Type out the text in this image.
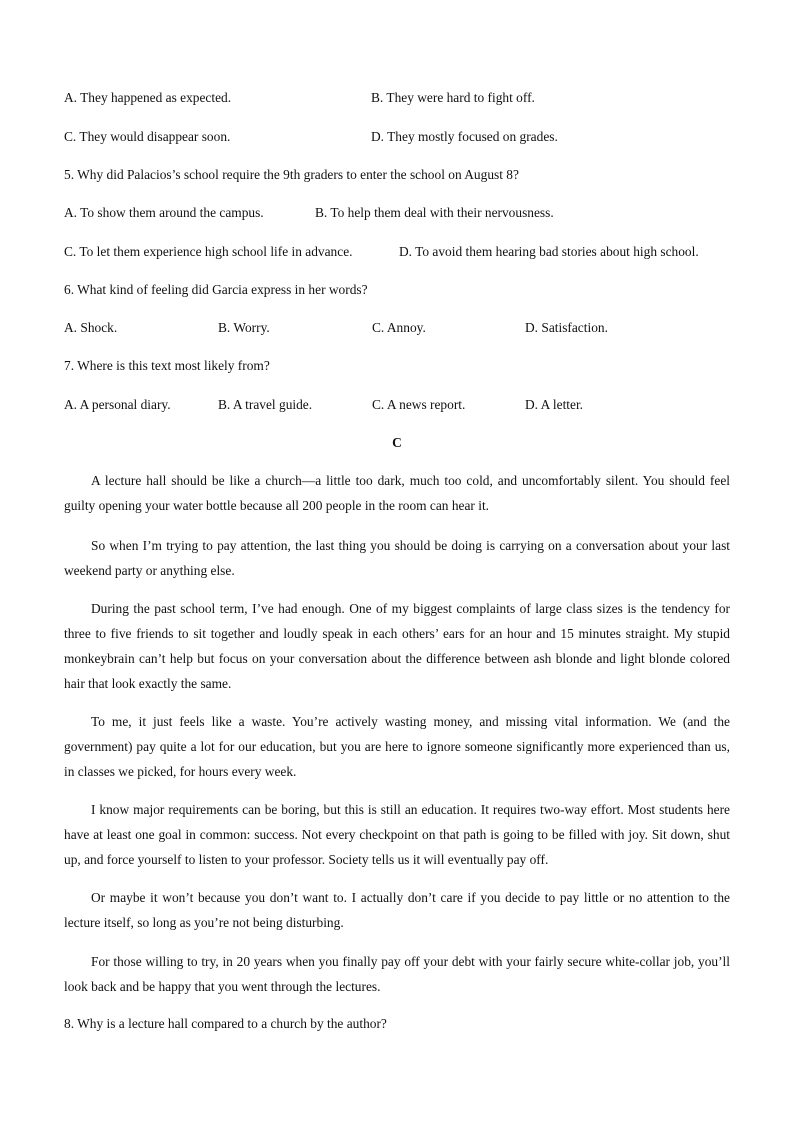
A. They happened as expected.	B. They were hard to fight off.
C. They would disappear soon.	D. They mostly focused on grades.
5. Why did Palacios’s school require the 9th graders to enter the school on August 8?
A. To show them around the campus.	B. To help them deal with their nervousness.
C. To let them experience high school life in advance.	D. To avoid them hearing bad stories about high school.
6. What kind of feeling did Garcia express in her words?
A. Shock.	B. Worry.	C. Annoy.	D. Satisfaction.
7. Where is this text most likely from?
A. A personal diary.	B. A travel guide.	C. A news report.	D. A letter.
C

A lecture hall should be like a church—a little too dark, much too cold, and uncomfortably silent. You should feel guilty opening your water bottle because all 200 people in the room can hear it.

So when I’m trying to pay attention, the last thing you should be doing is carrying on a conversation about your last weekend party or anything else.

During the past school term, I’ve had enough. One of my biggest complaints of large class sizes is the tendency for three to five friends to sit together and loudly speak in each others’ ears for an hour and 15 minutes straight. My stupid monkeybrain can’t help but focus on your conversation about the difference between ash blonde and light blonde colored hair that look exactly the same.

To me, it just feels like a waste. You’re actively wasting money, and missing vital information. We (and the government) pay quite a lot for our education, but you are here to ignore someone significantly more experienced than us, in classes we picked, for hours every week.

I know major requirements can be boring, but this is still an education. It requires two-way effort. Most students here have at least one goal in common: success. Not every checkpoint on that path is going to be filled with joy. Sit down, shut up, and force yourself to listen to your professor. Society tells us it will eventually pay off.

Or maybe it won’t because you don’t want to. I actually don’t care if you decide to pay little or no attention to the lecture itself, so long as you’re not being disturbing.

For those willing to try, in 20 years when you finally pay off your debt with your fairly secure white-collar job, you’ll look back and be happy that you went through the lectures.

8. Why is a lecture hall compared to a church by the author?
